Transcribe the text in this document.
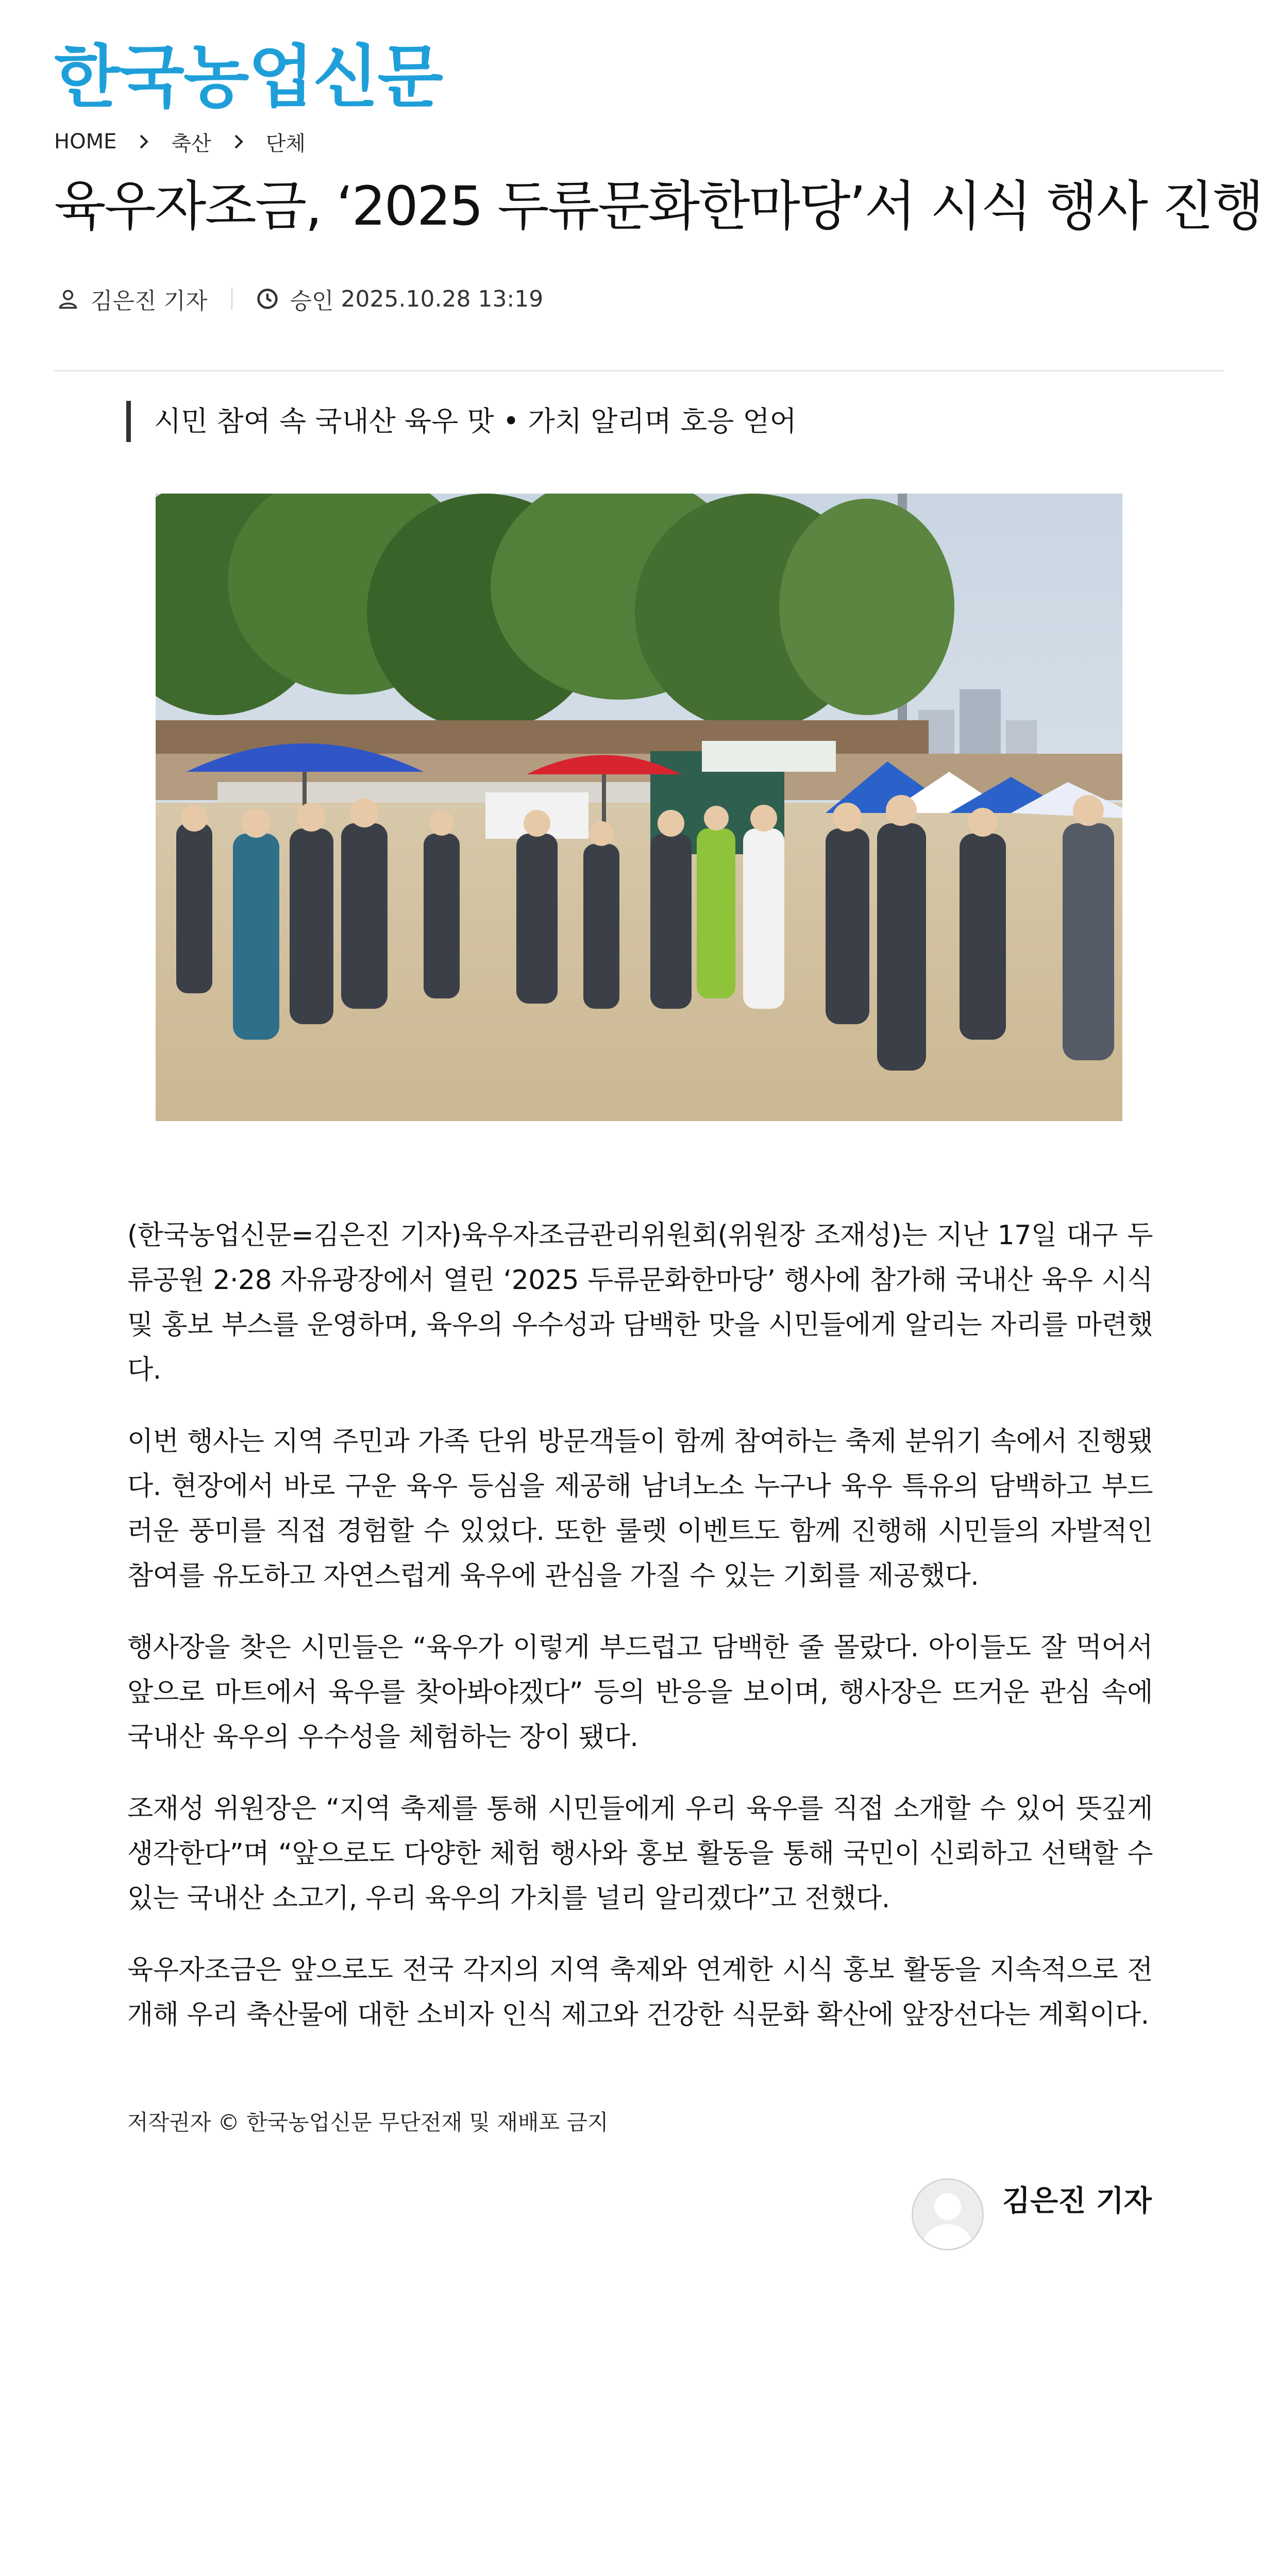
한국농업신문
HOME	축산	단체
육우자조금, ‘2025 두류문화한마당’서 시식 행사 진행
김은진 기자	승인 2025.10.28 13:19
시민 참여 속 국내산 육우 맛 • 가치 알리며 호응 얻어

(한국농업신문=김은진 기자)육우자조금관리위원회(위원장 조재성)는 지난 17일 대구 두류공원 2·28 자유광장에서 열린 ‘2025 두류문화한마당’ 행사에 참가해 국내산 육우 시식 및 홍보 부스를 운영하며, 육우의 우수성과 담백한 맛을 시민들에게 알리는 자리를 마련했다.

이번 행사는 지역 주민과 가족 단위 방문객들이 함께 참여하는 축제 분위기 속에서 진행됐다. 현장에서 바로 구운 육우 등심을 제공해 남녀노소 누구나 육우 특유의 담백하고 부드러운 풍미를 직접 경험할 수 있었다. 또한 룰렛 이벤트도 함께 진행해 시민들의 자발적인 참여를 유도하고 자연스럽게 육우에 관심을 가질 수 있는 기회를 제공했다.

행사장을 찾은 시민들은 “육우가 이렇게 부드럽고 담백한 줄 몰랐다. 아이들도 잘 먹어서 앞으로 마트에서 육우를 찾아봐야겠다” 등의 반응을 보이며, 행사장은 뜨거운 관심 속에 국내산 육우의 우수성을 체험하는 장이 됐다.

조재성 위원장은 “지역 축제를 통해 시민들에게 우리 육우를 직접 소개할 수 있어 뜻깊게 생각한다”며 “앞으로도 다양한 체험 행사와 홍보 활동을 통해 국민이 신뢰하고 선택할 수 있는 국내산 소고기, 우리 육우의 가치를 널리 알리겠다”고 전했다.

육우자조금은 앞으로도 전국 각지의 지역 축제와 연계한 시식 홍보 활동을 지속적으로 전개해 우리 축산물에 대한 소비자 인식 제고와 건강한 식문화 확산에 앞장선다는 계획이다.

저작권자 © 한국농업신문 무단전재 및 재배포 금지
김은진 기자
